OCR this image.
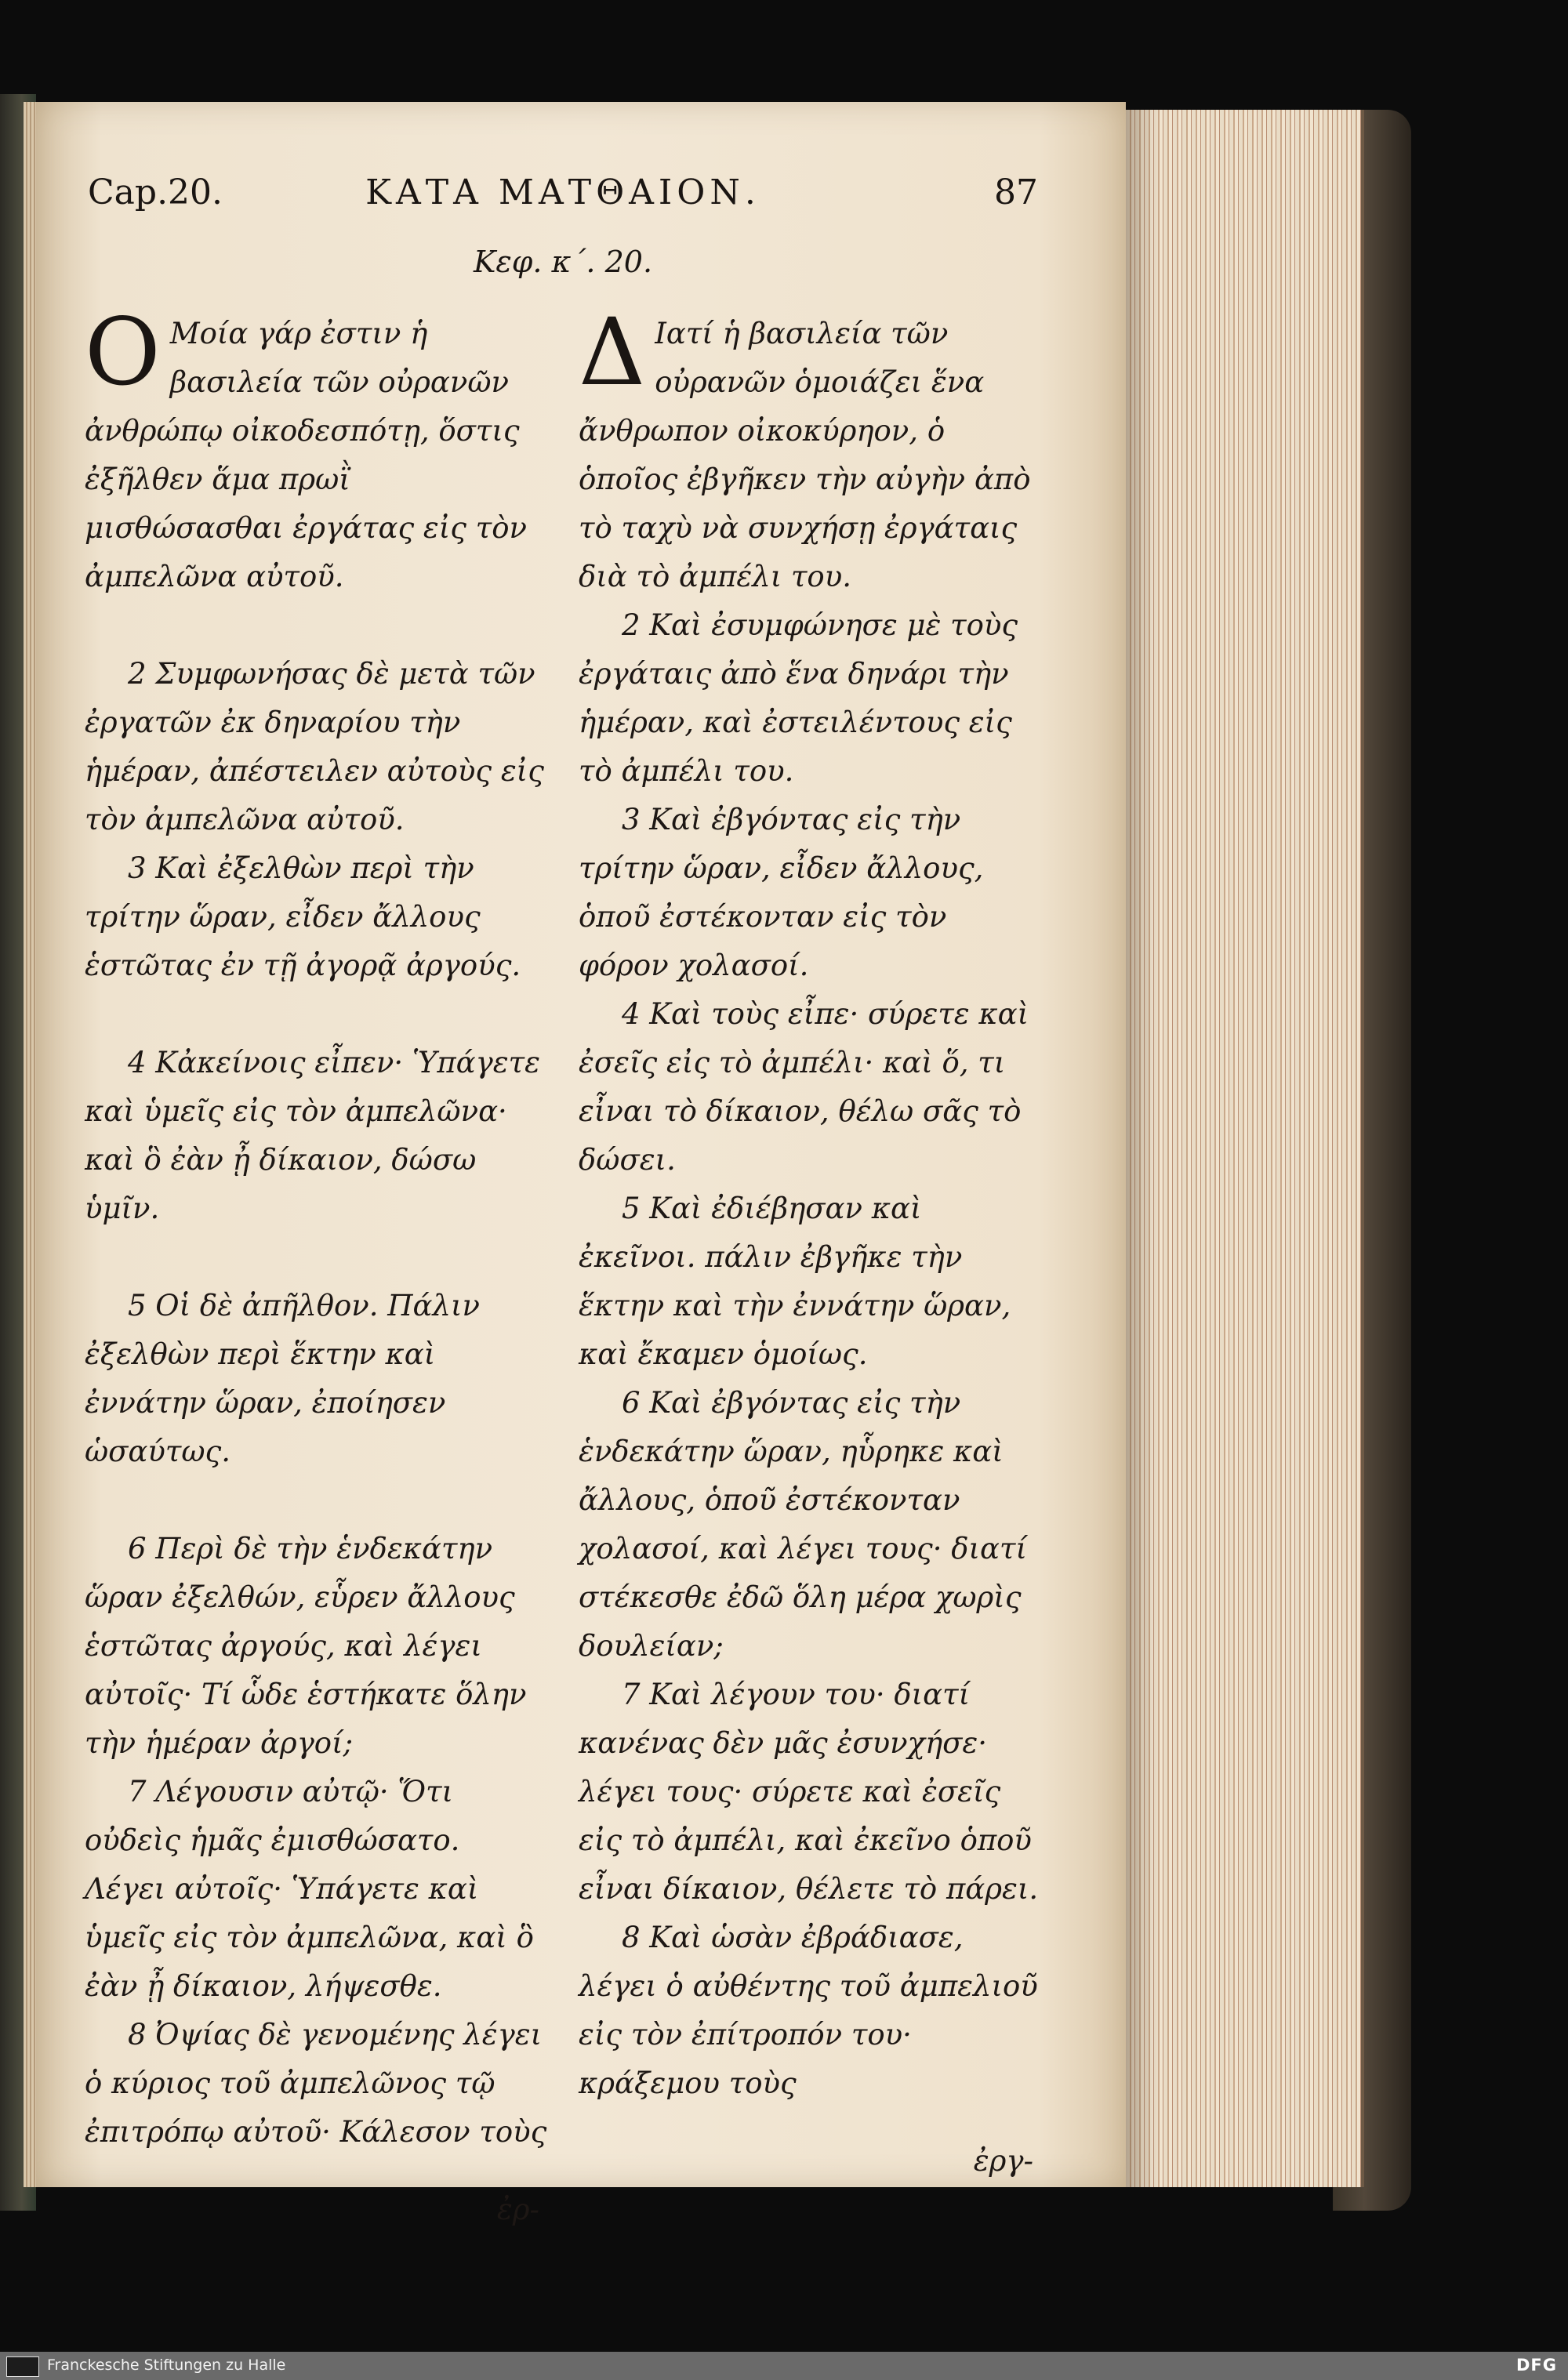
Cap.20.	ΚΑΤΑ ΜΑΤΘΑΙΟΝ.	87
Κεφ. κ΄. 20.

Ο Μοία γάρ ἐστιν ἡ βασιλεία τῶν οὐρανῶν ἀνθρώπῳ οἰκοδεσπότῃ, ὅστις ἐξῆλθεν ἅμα πρωῒ μισθώσασθαι ἐργάτας εἰς τὸν ἀμπελῶνα αὐτοῦ.

2 Συμφωνήσας δὲ μετὰ τῶν ἐργατῶν ἐκ δηναρίου τὴν ἡμέραν, ἀπέστειλεν αὐτοὺς εἰς τὸν ἀμπελῶνα αὐτοῦ.

3 Καὶ ἐξελθὼν περὶ τὴν τρίτην ὥραν, εἶδεν ἄλλους ἑστῶτας ἐν τῇ ἀγορᾷ ἀργούς.

4 Κἀκείνοις εἶπεν· Ὑπάγετε καὶ ὑμεῖς εἰς τὸν ἀμπελῶνα· καὶ ὃ ἐὰν ᾖ δίκαιον, δώσω ὑμῖν.

5 Οἱ δὲ ἀπῆλθον. Πάλιν ἐξελθὼν περὶ ἕκτην καὶ ἐννάτην ὥραν, ἐποίησεν ὡσαύτως.

6 Περὶ δὲ τὴν ἑνδεκάτην ὥραν ἐξελθών, εὗρεν ἄλλους ἑστῶτας ἀργούς, καὶ λέγει αὐτοῖς· Τί ὧδε ἑστήκατε ὅλην τὴν ἡμέραν ἀργοί;

7 Λέγουσιν αὐτῷ· Ὅτι οὐδεὶς ἡμᾶς ἐμισθώσατο. Λέγει αὐτοῖς· Ὑπάγετε καὶ ὑμεῖς εἰς τὸν ἀμπελῶνα, καὶ ὃ ἐὰν ᾖ δίκαιον, λήψεσθε.

8 Ὀψίας δὲ γενομένης λέγει ὁ κύριος τοῦ ἀμπελῶνος τῷ ἐπιτρόπῳ αὐτοῦ· Κάλεσον τοὺς

ἐρ-

Δ Ιατί ἡ βασιλεία τῶν οὐρανῶν ὁμοιάζει ἕνα ἄνθρωπον οἰκοκύρηον, ὁ ὁποῖος ἐβγῆκεν τὴν αὐγὴν ἀπὸ τὸ ταχὺ νὰ συνχήσῃ ἐργάταις διὰ τὸ ἀμπέλι του.

2 Καὶ ἐσυμφώνησε μὲ τοὺς ἐργάταις ἀπὸ ἕνα δηνάρι τὴν ἡμέραν, καὶ ἐστειλέντους εἰς τὸ ἀμπέλι του.

3 Καὶ ἐβγόντας εἰς τὴν τρίτην ὥραν, εἶδεν ἄλλους, ὁποῦ ἐστέκονταν εἰς τὸν φόρον χολασοί.

4 Καὶ τοὺς εἶπε· σύρετε καὶ ἐσεῖς εἰς τὸ ἀμπέλι· καὶ ὅ, τι εἶναι τὸ δίκαιον, θέλω σᾶς τὸ δώσει.

5 Καὶ ἐδιέβησαν καὶ ἐκεῖνοι. πάλιν ἐβγῆκε τὴν ἕκτην καὶ τὴν ἐννάτην ὥραν, καὶ ἔκαμεν ὁμοίως.

6 Καὶ ἐβγόντας εἰς τὴν ἑνδεκάτην ὥραν, ηὗρηκε καὶ ἄλλους, ὁποῦ ἐστέκονταν χολασοί, καὶ λέγει τους· διατί στέκεσθε ἐδῶ ὅλη μέρα χωρὶς δουλείαν;

7 Καὶ λέγουν του· διατί κανένας δὲν μᾶς ἐσυνχήσε· λέγει τους· σύρετε καὶ ἐσεῖς εἰς τὸ ἀμπέλι, καὶ ἐκεῖνο ὁποῦ εἶναι δίκαιον, θέλετε τὸ πάρει.

8 Καὶ ὡσὰν ἐβράδιασε, λέγει ὁ αὐθέντης τοῦ ἀμπελιοῦ εἰς τὸν ἐπίτροπόν του· κράξεμου τοὺς

ἐργ-

Franckesche Stiftungen zu Halle	DFG
